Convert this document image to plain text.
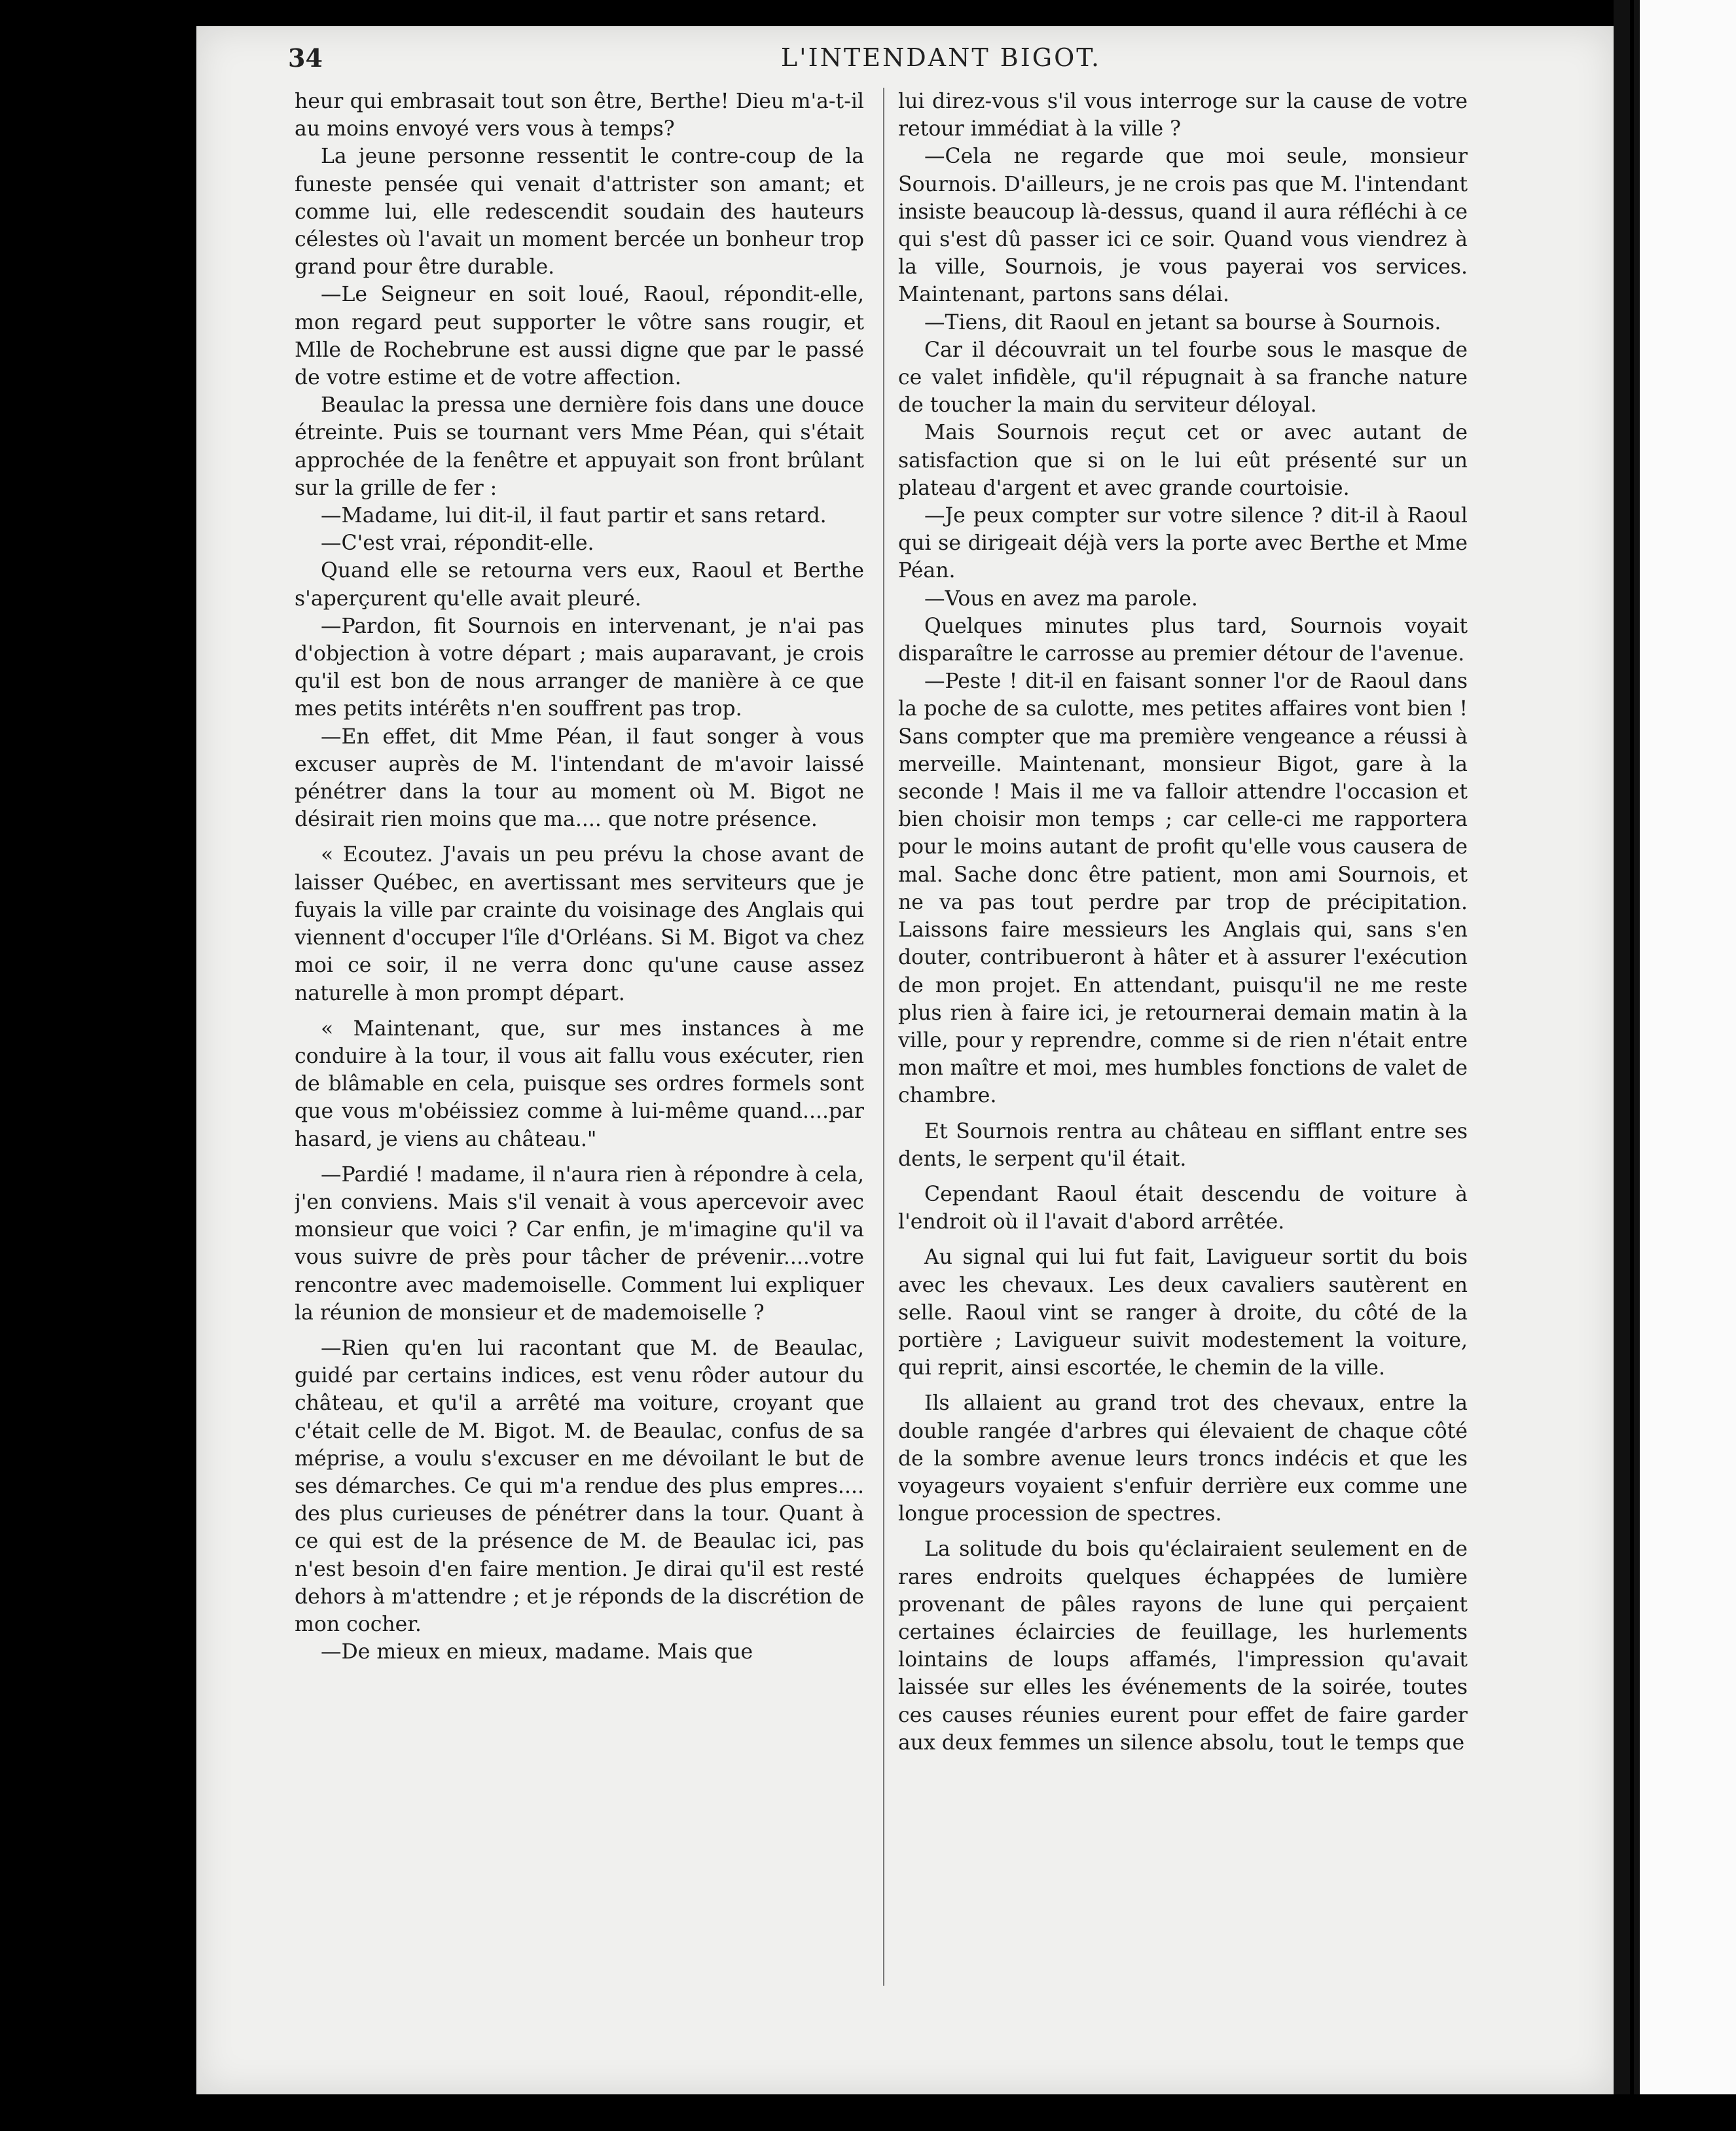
34	L'INTENDANT BIGOT.

heur qui embrasait tout son être, Berthe! Dieu m'a-t-il au moins envoyé vers vous à temps?

La jeune personne ressentit le contre-coup de la funeste pensée qui venait d'attrister son amant; et comme lui, elle redescendit soudain des hauteurs célestes où l'avait un moment bercée un bonheur trop grand pour être durable.

—Le Seigneur en soit loué, Raoul, répondit-elle, mon regard peut supporter le vôtre sans rougir, et Mlle de Rochebrune est aussi digne que par le passé de votre estime et de votre affection.

Beaulac la pressa une dernière fois dans une douce étreinte. Puis se tournant vers Mme Péan, qui s'était approchée de la fenêtre et appuyait son front brûlant sur la grille de fer :

—Madame, lui dit-il, il faut partir et sans retard.

—C'est vrai, répondit-elle.

Quand elle se retourna vers eux, Raoul et Berthe s'aperçurent qu'elle avait pleuré.

—Pardon, fit Sournois en intervenant, je n'ai pas d'objection à votre départ ; mais auparavant, je crois qu'il est bon de nous arranger de manière à ce que mes petits intérêts n'en souffrent pas trop.

—En effet, dit Mme Péan, il faut songer à vous excuser auprès de M. l'intendant de m'avoir laissé pénétrer dans la tour au moment où M. Bigot ne désirait rien moins que ma.... que notre présence.

« Ecoutez. J'avais un peu prévu la chose avant de laisser Québec, en avertissant mes serviteurs que je fuyais la ville par crainte du voisinage des Anglais qui viennent d'occuper l'île d'Orléans. Si M. Bigot va chez moi ce soir, il ne verra donc qu'une cause assez naturelle à mon prompt départ.

« Maintenant, que, sur mes instances à me conduire à la tour, il vous ait fallu vous exécuter, rien de blâmable en cela, puisque ses ordres formels sont que vous m'obéissiez comme à lui-même quand....par hasard, je viens au château."

—Pardié ! madame, il n'aura rien à répondre à cela, j'en conviens. Mais s'il venait à vous apercevoir avec monsieur que voici ? Car enfin, je m'imagine qu'il va vous suivre de près pour tâcher de prévenir....votre rencontre avec mademoiselle. Comment lui expliquer la réunion de monsieur et de mademoiselle ?

—Rien qu'en lui racontant que M. de Beaulac, guidé par certains indices, est venu rôder autour du château, et qu'il a arrêté ma voiture, croyant que c'était celle de M. Bigot. M. de Beaulac, confus de sa méprise, a voulu s'excuser en me dévoilant le but de ses démarches. Ce qui m'a rendue des plus empres.... des plus curieuses de pénétrer dans la tour. Quant à ce qui est de la présence de M. de Beaulac ici, pas n'est besoin d'en faire mention. Je dirai qu'il est resté dehors à m'attendre ; et je réponds de la discrétion de mon cocher.

—De mieux en mieux, madame. Mais que

lui direz-vous s'il vous interroge sur la cause de votre retour immédiat à la ville ?

—Cela ne regarde que moi seule, monsieur Sournois. D'ailleurs, je ne crois pas que M. l'intendant insiste beaucoup là-dessus, quand il aura réfléchi à ce qui s'est dû passer ici ce soir. Quand vous viendrez à la ville, Sournois, je vous payerai vos services. Maintenant, partons sans délai.

—Tiens, dit Raoul en jetant sa bourse à Sournois.

Car il découvrait un tel fourbe sous le masque de ce valet infidèle, qu'il répugnait à sa franche nature de toucher la main du serviteur déloyal.

Mais Sournois reçut cet or avec autant de satisfaction que si on le lui eût présenté sur un plateau d'argent et avec grande courtoisie.

—Je peux compter sur votre silence ? dit-il à Raoul qui se dirigeait déjà vers la porte avec Berthe et Mme Péan.

—Vous en avez ma parole.

Quelques minutes plus tard, Sournois voyait disparaître le carrosse au premier détour de l'avenue.

—Peste ! dit-il en faisant sonner l'or de Raoul dans la poche de sa culotte, mes petites affaires vont bien ! Sans compter que ma première vengeance a réussi à merveille. Maintenant, monsieur Bigot, gare à la seconde ! Mais il me va falloir attendre l'occasion et bien choisir mon temps ; car celle-ci me rapportera pour le moins autant de profit qu'elle vous causera de mal. Sache donc être patient, mon ami Sournois, et ne va pas tout perdre par trop de précipitation. Laissons faire messieurs les Anglais qui, sans s'en douter, contribueront à hâter et à assurer l'exécution de mon projet. En attendant, puisqu'il ne me reste plus rien à faire ici, je retournerai demain matin à la ville, pour y reprendre, comme si de rien n'était entre mon maître et moi, mes humbles fonctions de valet de chambre.

Et Sournois rentra au château en sifflant entre ses dents, le serpent qu'il était.

Cependant Raoul était descendu de voiture à l'endroit où il l'avait d'abord arrêtée.

Au signal qui lui fut fait, Lavigueur sortit du bois avec les chevaux. Les deux cavaliers sautèrent en selle. Raoul vint se ranger à droite, du côté de la portière ; Lavigueur suivit modestement la voiture, qui reprit, ainsi escortée, le chemin de la ville.

Ils allaient au grand trot des chevaux, entre la double rangée d'arbres qui élevaient de chaque côté de la sombre avenue leurs troncs indécis et que les voyageurs voyaient s'enfuir derrière eux comme une longue procession de spectres.

La solitude du bois qu'éclairaient seulement en de rares endroits quelques échappées de lumière provenant de pâles rayons de lune qui perçaient certaines éclaircies de feuillage, les hurlements lointains de loups affamés, l'impression qu'avait laissée sur elles les événements de la soirée, toutes ces causes réunies eurent pour effet de faire garder aux deux femmes un silence absolu, tout le temps que
